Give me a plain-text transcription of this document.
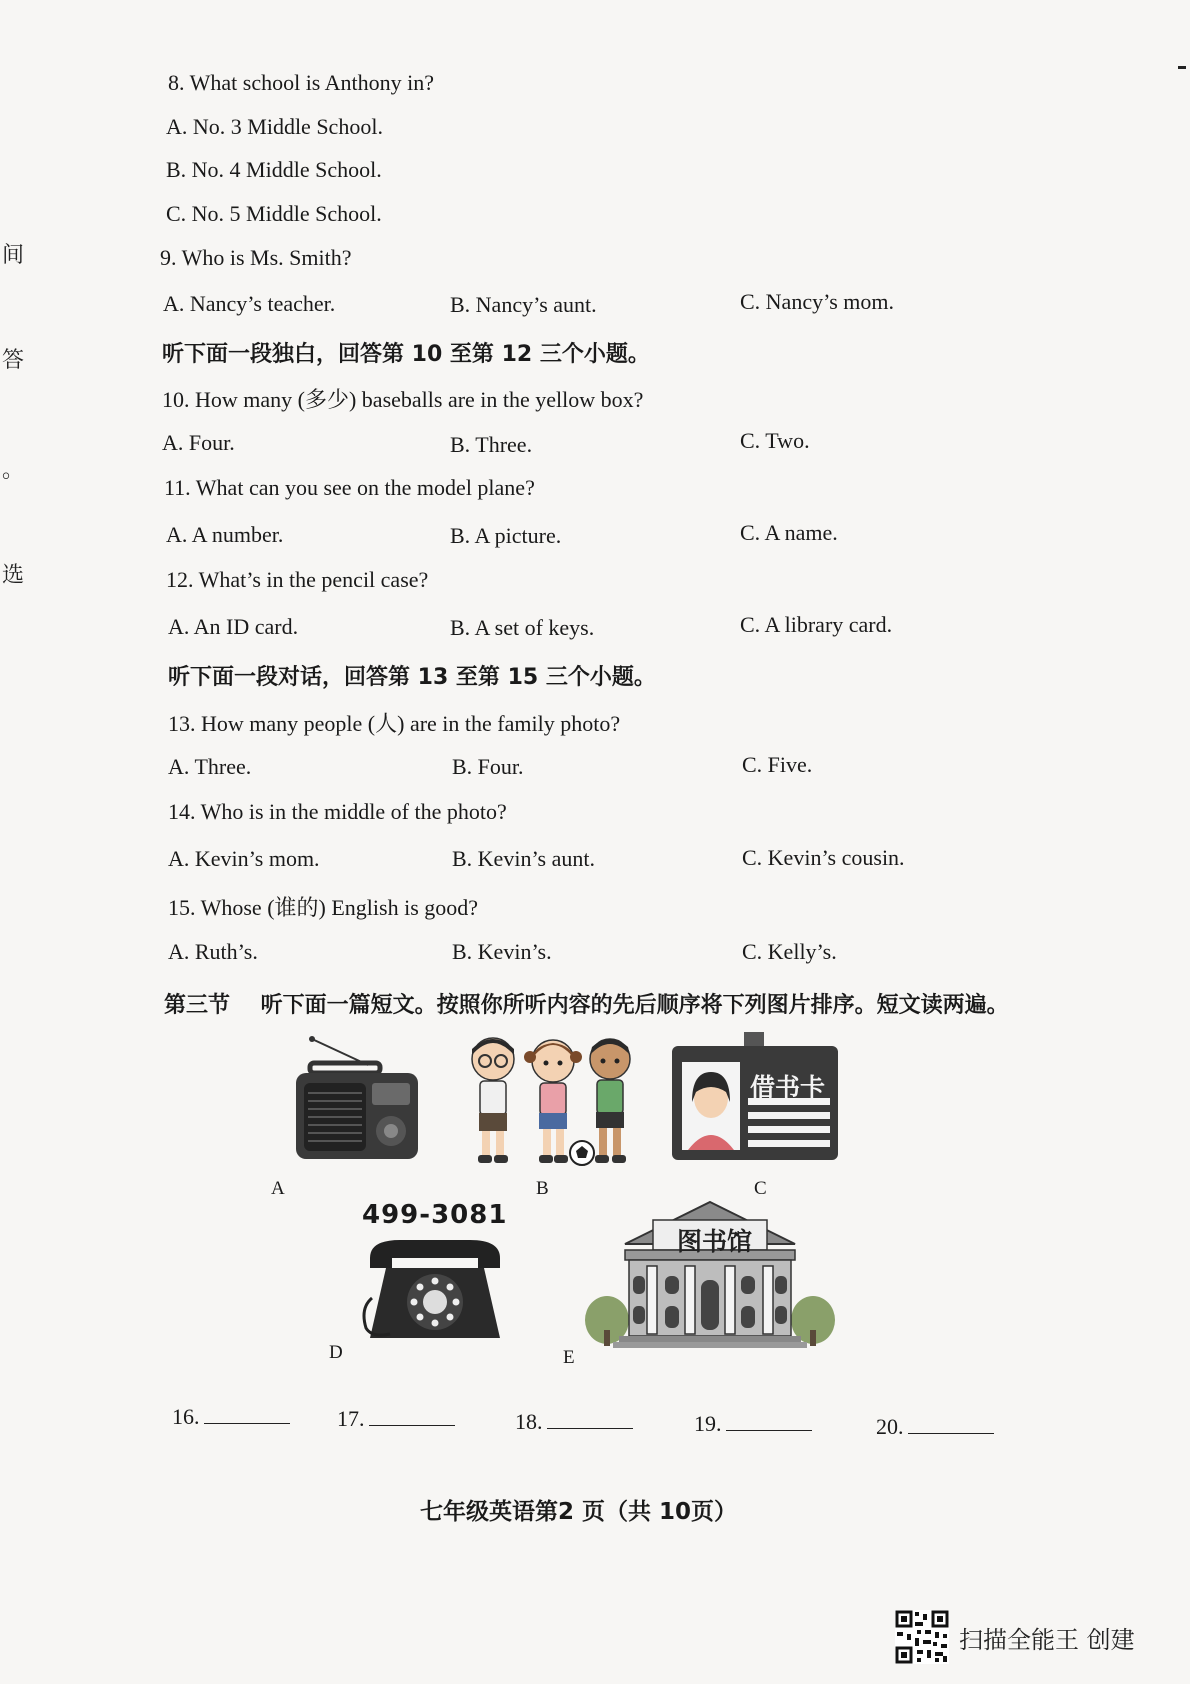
间
答
。
选
8. What school is Anthony in?
A. No. 3 Middle School.
B. No. 4 Middle School.
C. No. 5 Middle School.
9. Who is Ms. Smith?
A. Nancy’s teacher.	B. Nancy’s aunt.	C. Nancy’s mom.
听下面一段独白，回答第 10 至第 12 三个小题。
10. How many (多少) baseballs are in the yellow box?
A. Four.	B. Three.	C. Two.
11. What can you see on the model plane?
A. A number.	B. A picture.	C. A name.
12. What’s in the pencil case?
A. An ID card.	B. A set of keys.	C. A library card.
听下面一段对话，回答第 13 至第 15 三个小题。
13. How many people (人) are in the family photo?
A. Three.	B. Four.	C. Five.
14. Who is in the middle of the photo?
A. Kevin’s mom.	B. Kevin’s aunt.	C. Kevin’s cousin.
15. Whose (谁的) English is good?
A. Ruth’s.	B. Kevin’s.	C. Kelly’s.
第三节 听下面一篇短文。按照你所听内容的先后顺序将下列图片排序。短文读两遍。
A	B
借书卡
C
499-3081
D
图书馆
E
16.	17.	18.	19.	20.
七年级英语第2 页（共 10页）
扫描全能王 创建
